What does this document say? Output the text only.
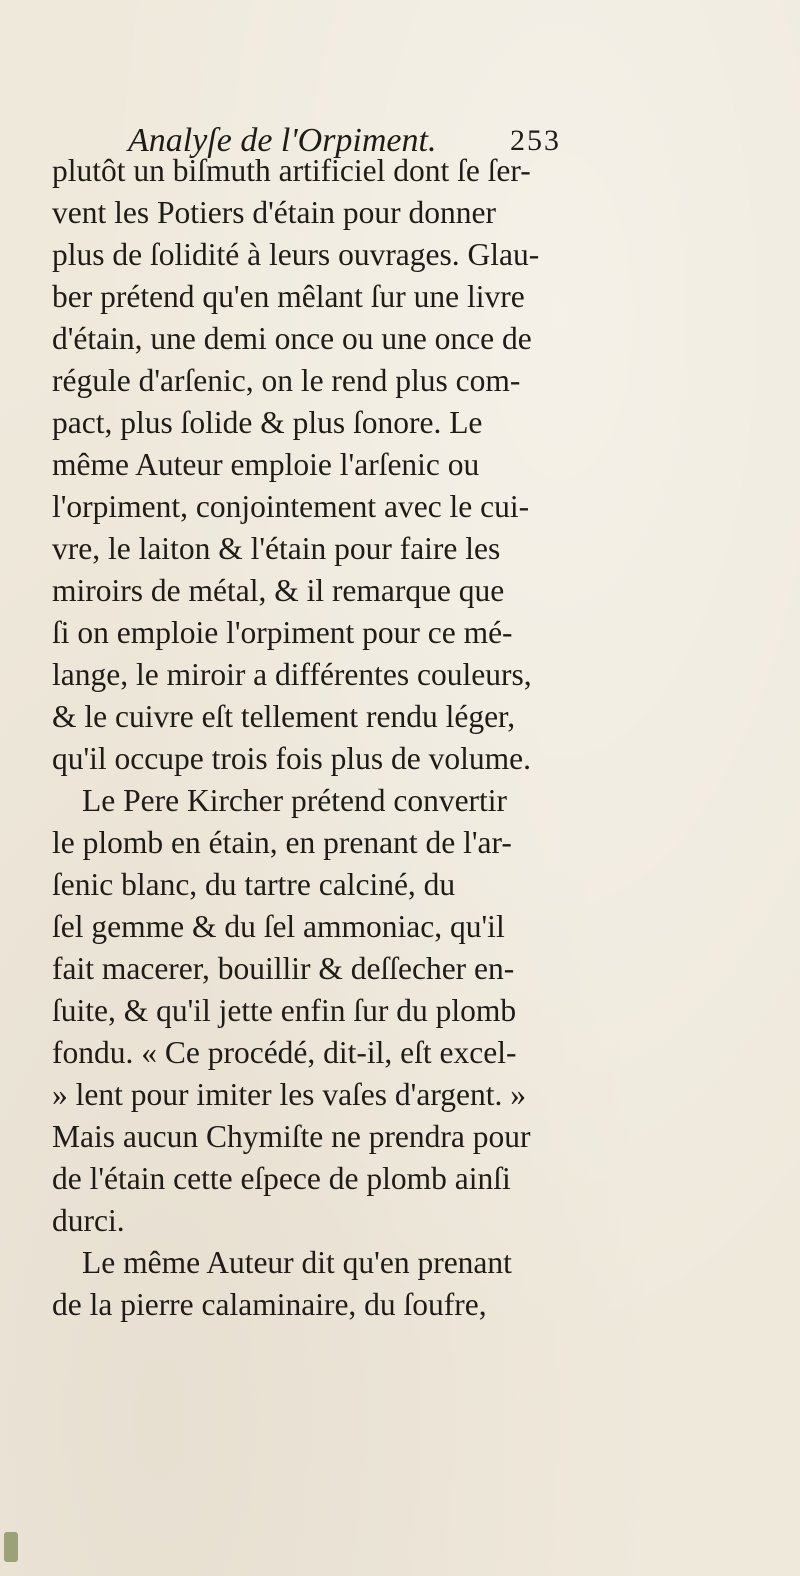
Analyſe de l'Orpiment. 253
plutôt un biſmuth artificiel dont ſe ſer-
vent les Potiers d'étain pour donner
plus de ſolidité à leurs ouvrages. Glau-
ber prétend qu'en mêlant ſur une livre
d'étain, une demi once ou une once de
régule d'arſenic, on le rend plus com-
pact, plus ſolide & plus ſonore. Le
même Auteur emploie l'arſenic ou
l'orpiment, conjointement avec le cui-
vre, le laiton & l'étain pour faire les
miroirs de métal, & il remarque que
ſi on emploie l'orpiment pour ce mé-
lange, le miroir a différentes couleurs,
& le cuivre eſt tellement rendu léger,
qu'il occupe trois fois plus de volume.
Le Pere Kircher prétend convertir
le plomb en étain, en prenant de l'ar-
ſenic blanc, du tartre calciné, du
ſel gemme & du ſel ammoniac, qu'il
fait macerer, bouillir & deſſecher en-
ſuite, & qu'il jette enfin ſur du plomb
fondu. « Ce procédé, dit-il, eſt excel-
» lent pour imiter les vaſes d'argent. »
Mais aucun Chymiſte ne prendra pour
de l'étain cette eſpece de plomb ainſi
durci.
Le même Auteur dit qu'en prenant
de la pierre calaminaire, du ſoufre,
